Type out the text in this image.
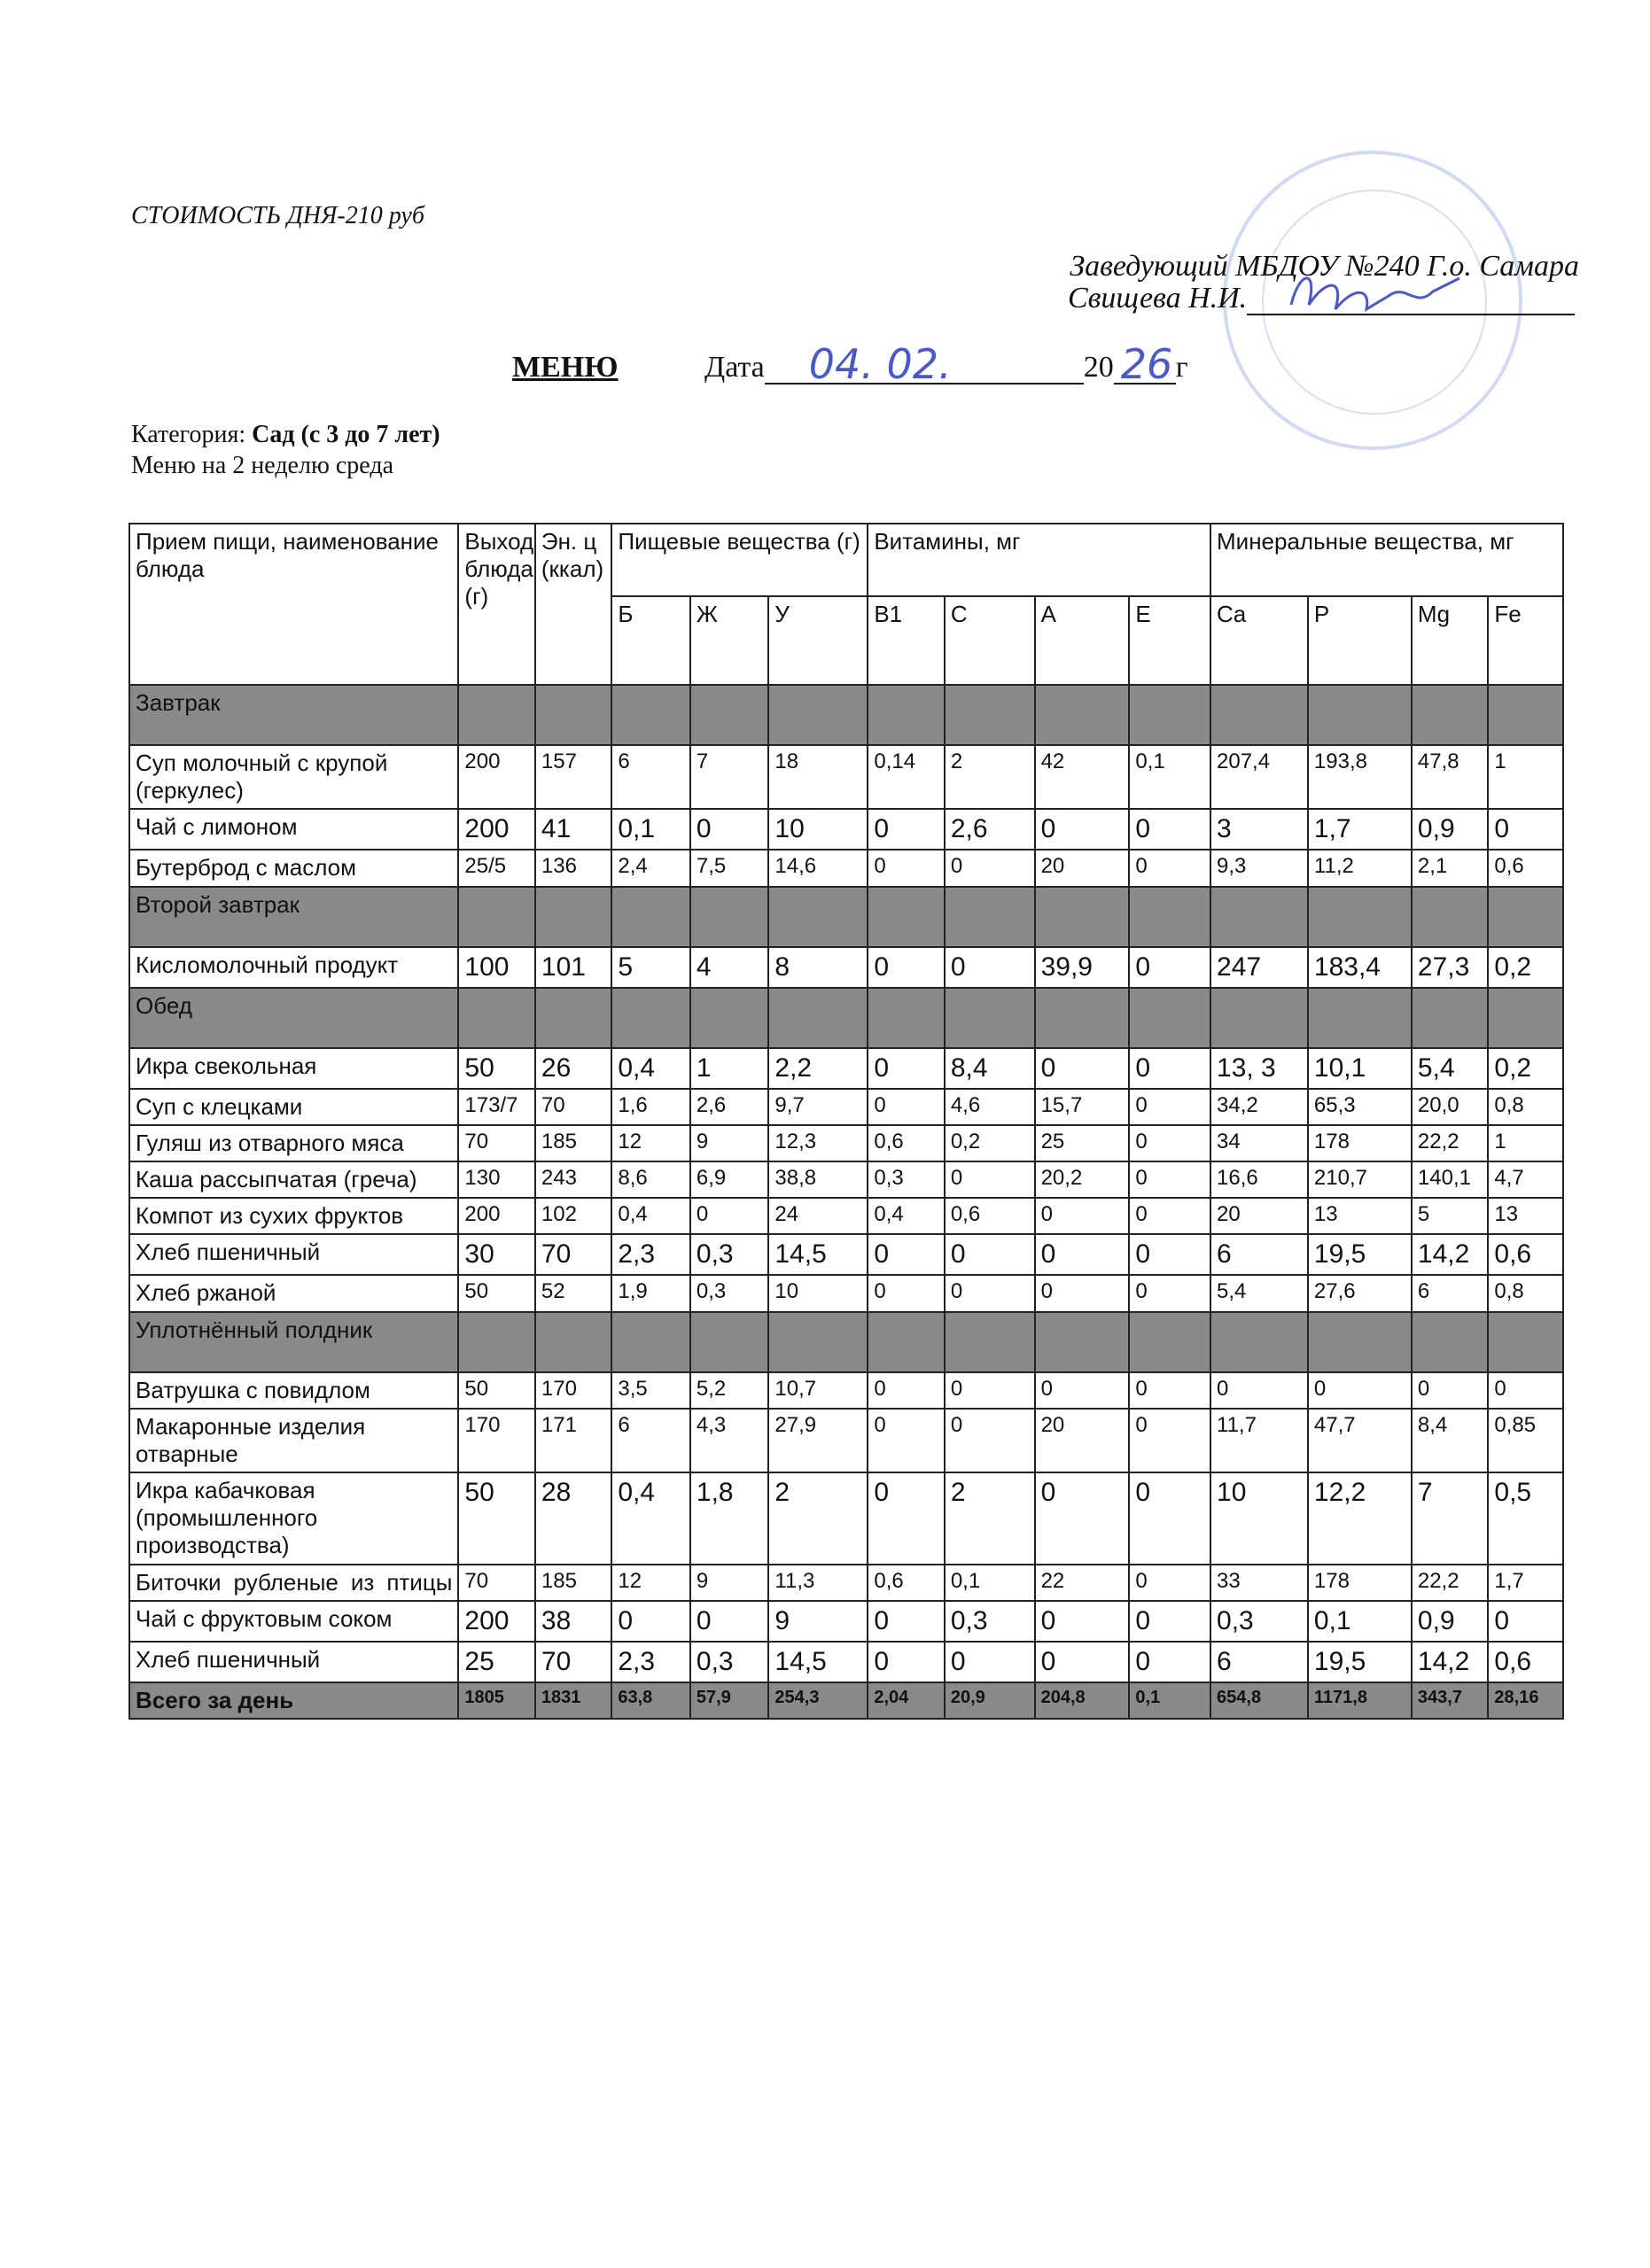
СТОИМОСТЬ ДНЯ-210 руб
Заведующий МБДОУ №240 Г.о. Самара
Свищева Н.И.
МЕНЮ	Дата 04. 02.	20 26 г
Категория: Сад (с 3 до 7 лет)
Меню на 2 неделю среда
Прием пищи, наименование блюда	Выход блюда (г)	Эн. ц (ккал)	Пищевые вещества (г)			Витамины, мг				Минеральные вещества, мг			
			Б	Ж	У	В1	С	А	Е	Ca	P	Mg	Fe
Завтрак													
Суп молочный с крупой (геркулес)	200	157	6	7	18	0,14	2	42	0,1	207,4	193,8	47,8	1
Чай с лимоном	200	41	0,1	0	10	0	2,6	0	0	3	1,7	0,9	0
Бутерброд с маслом	25/5	136	2,4	7,5	14,6	0	0	20	0	9,3	11,2	2,1	0,6
Второй завтрак													
Кисломолочный продукт	100	101	5	4	8	0	0	39,9	0	247	183,4	27,3	0,2
Обед													
Икра свекольная	50	26	0,4	1	2,2	0	8,4	0	0	13, 3	10,1	5,4	0,2
Суп с клецками	173/7	70	1,6	2,6	9,7	0	4,6	15,7	0	34,2	65,3	20,0	0,8
Гуляш из отварного мяса	70	185	12	9	12,3	0,6	0,2	25	0	34	178	22,2	1
Каша рассыпчатая (греча)	130	243	8,6	6,9	38,8	0,3	0	20,2	0	16,6	210,7	140,1	4,7
Компот из сухих фруктов	200	102	0,4	0	24	0,4	0,6	0	0	20	13	5	13
Хлеб пшеничный	30	70	2,3	0,3	14,5	0	0	0	0	6	19,5	14,2	0,6
Хлеб ржаной	50	52	1,9	0,3	10	0	0	0	0	5,4	27,6	6	0,8
Уплотнённый полдник													
Ватрушка с повидлом	50	170	3,5	5,2	10,7	0	0	0	0	0	0	0	0
Макаронные изделия отварные	170	171	6	4,3	27,9	0	0	20	0	11,7	47,7	8,4	0,85
Икра кабачковая (промышленного производства)	50	28	0,4	1,8	2	0	2	0	0	10	12,2	7	0,5
Биточки рубленые из птицы	70	185	12	9	11,3	0,6	0,1	22	0	33	178	22,2	1,7
Чай с фруктовым соком	200	38	0	0	9	0	0,3	0	0	0,3	0,1	0,9	0
Хлеб пшеничный	25	70	2,3	0,3	14,5	0	0	0	0	6	19,5	14,2	0,6
Всего за день	1805	1831	63,8	57,9	254,3	2,04	20,9	204,8	0,1	654,8	1171,8	343,7	28,16
